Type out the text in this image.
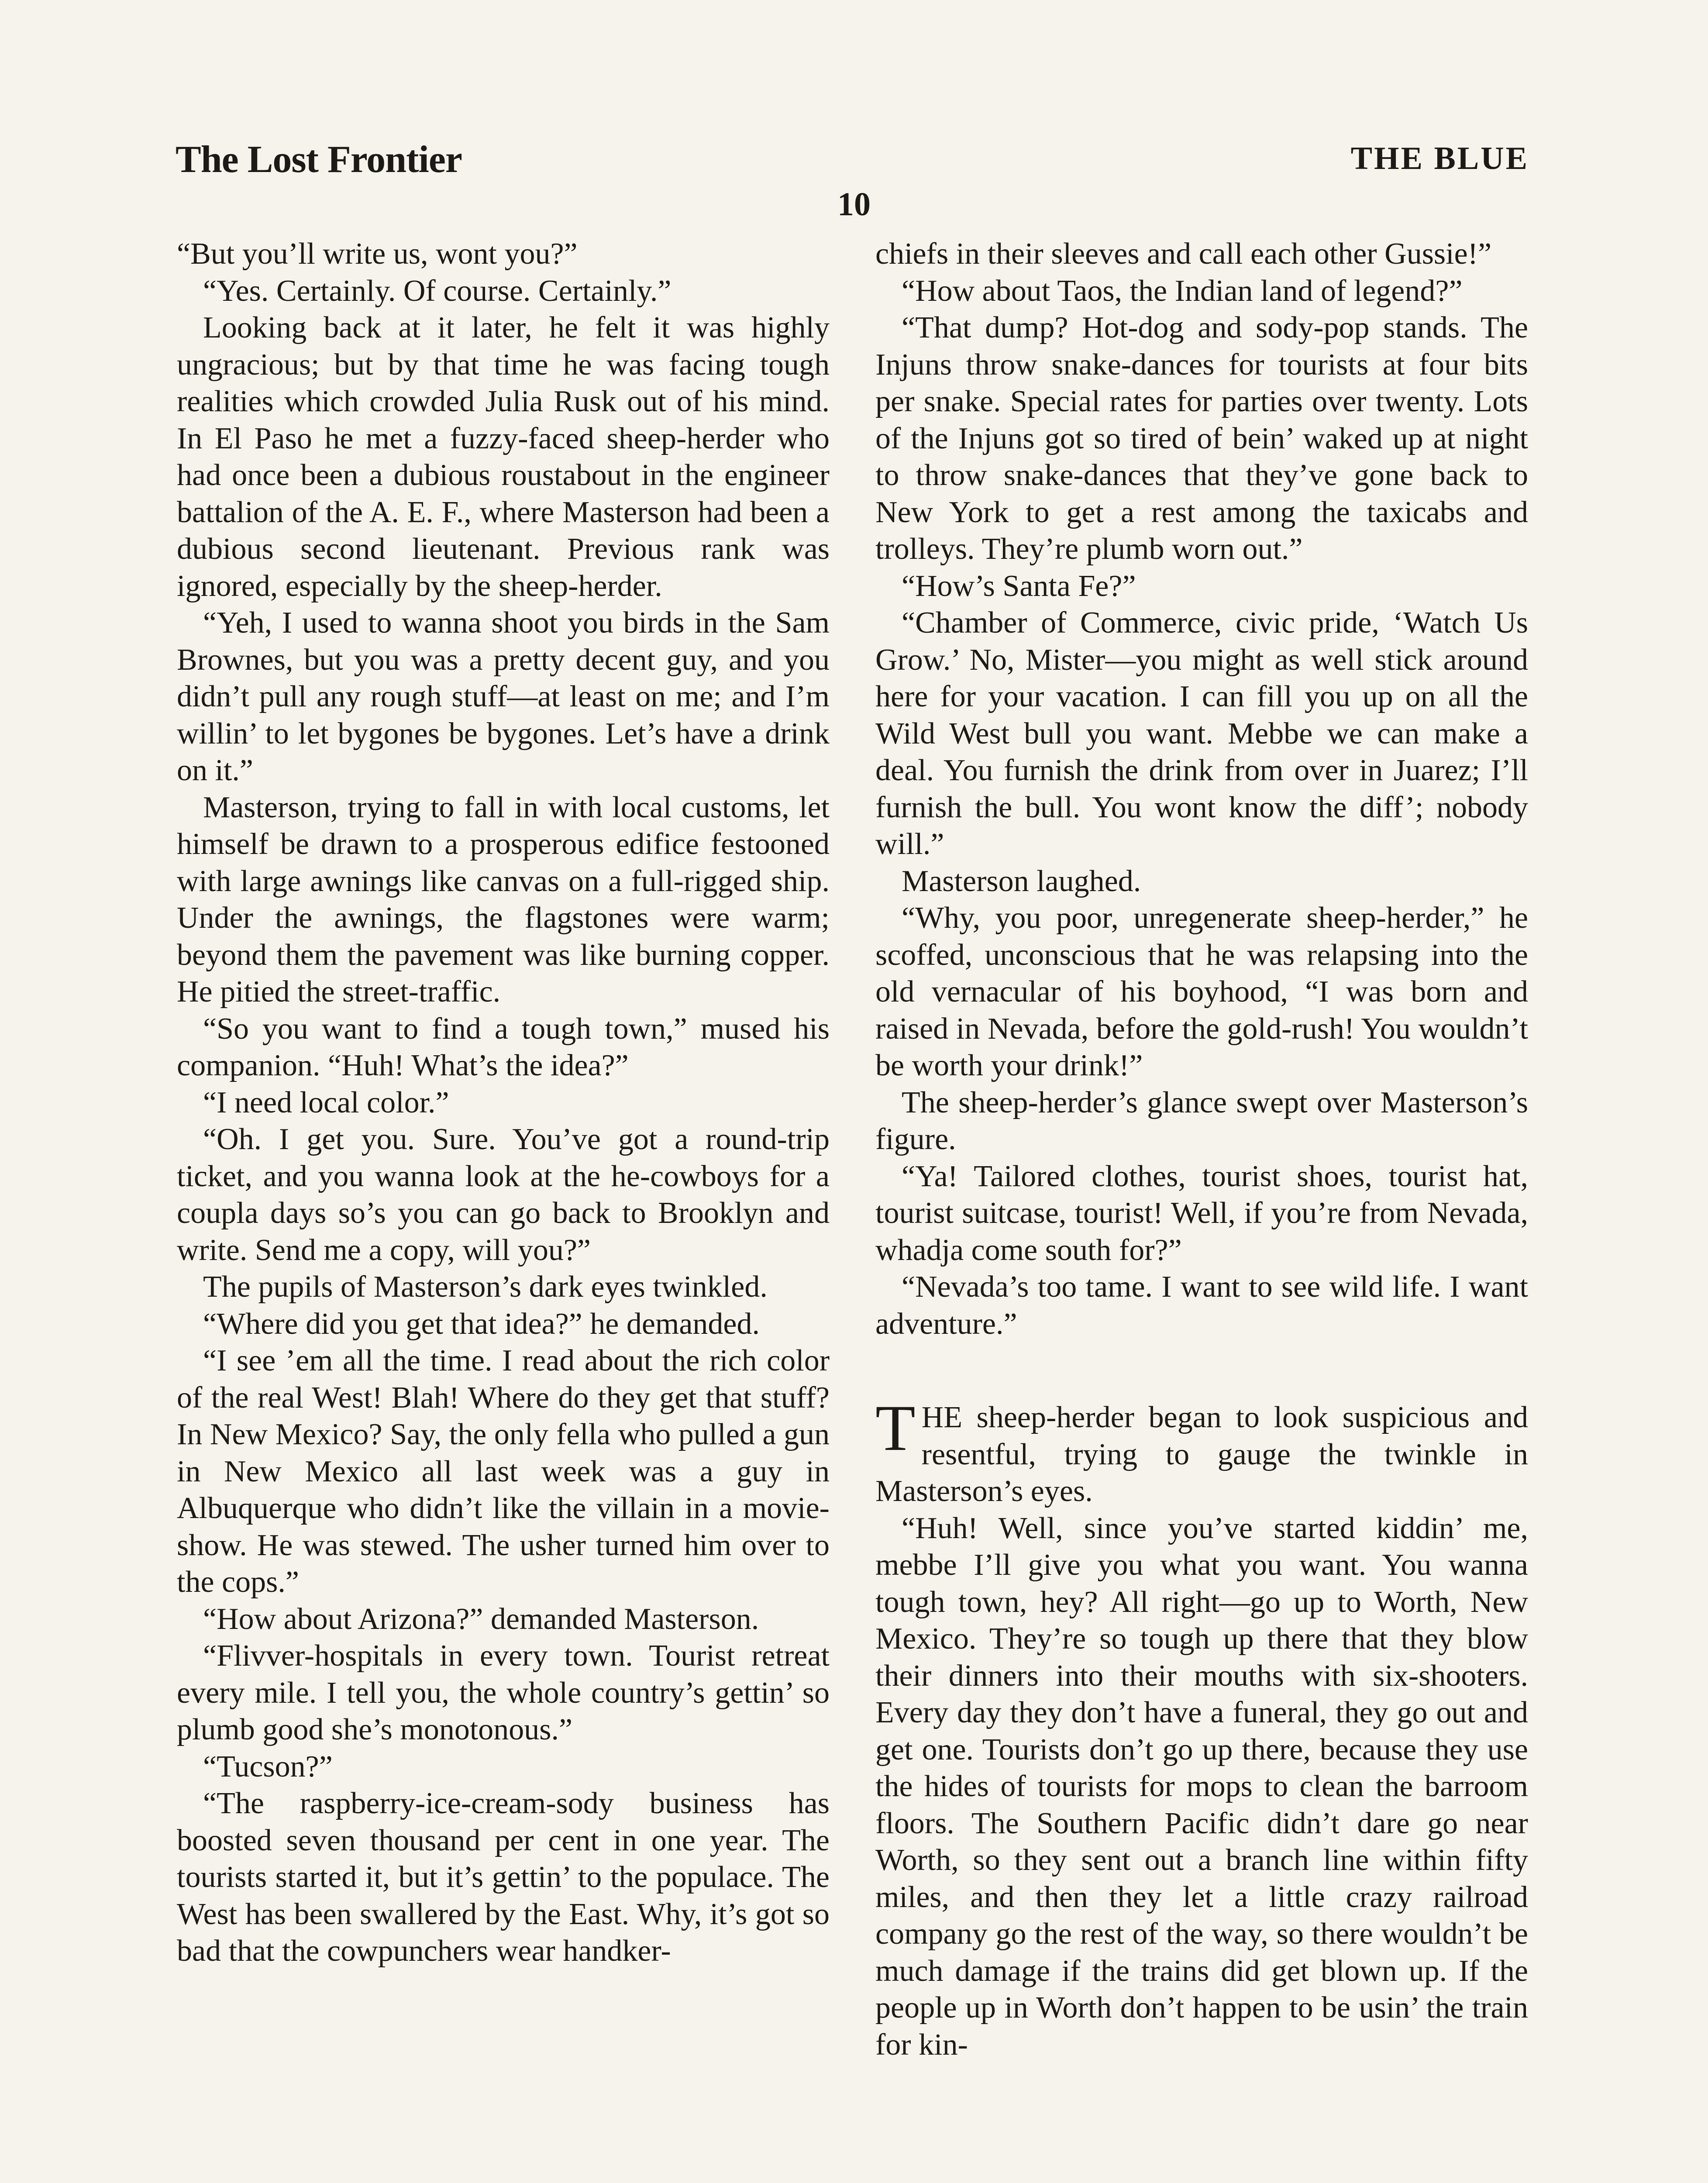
The Lost Frontier	THE BLUE
10

“But you’ll write us, wont you?”

“Yes. Certainly. Of course. Certainly.”

Looking back at it later, he felt it was highly ungracious; but by that time he was facing tough realities which crowded Julia Rusk out of his mind. In El Paso he met a fuzzy-faced sheep-herder who had once been a dubious roustabout in the engineer battalion of the A. E. F., where Masterson had been a dubious second lieutenant. Previous rank was ignored, especially by the sheep-herder.

“Yeh, I used to wanna shoot you birds in the Sam Brownes, but you was a pretty decent guy, and you didn’t pull any rough stuff—at least on me; and I’m willin’ to let bygones be bygones. Let’s have a drink on it.”

Masterson, trying to fall in with local customs, let himself be drawn to a prosperous edifice festooned with large awnings like canvas on a full-rigged ship. Under the awnings, the flagstones were warm; beyond them the pavement was like burning copper. He pitied the street-traffic.

“So you want to find a tough town,” mused his companion. “Huh! What’s the idea?”

“I need local color.”

“Oh. I get you. Sure. You’ve got a round-trip ticket, and you wanna look at the he-cowboys for a coupla days so’s you can go back to Brooklyn and write. Send me a copy, will you?”

The pupils of Masterson’s dark eyes twinkled.

“Where did you get that idea?” he demanded.

“I see ’em all the time. I read about the rich color of the real West! Blah! Where do they get that stuff? In New Mexico? Say, the only fella who pulled a gun in New Mexico all last week was a guy in Albuquerque who didn’t like the villain in a movie-show. He was stewed. The usher turned him over to the cops.”

“How about Arizona?” demanded Masterson.

“Flivver-hospitals in every town. Tourist retreat every mile. I tell you, the whole country’s gettin’ so plumb good she’s monotonous.”

“Tucson?”

“The raspberry-ice-cream-sody business has boosted seven thousand per cent in one year. The tourists started it, but it’s gettin’ to the populace. The West has been swallered by the East. Why, it’s got so bad that the cowpunchers wear handker-

chiefs in their sleeves and call each other Gussie!”

“How about Taos, the Indian land of legend?”

“That dump? Hot-dog and sody-pop stands. The Injuns throw snake-dances for tourists at four bits per snake. Special rates for parties over twenty. Lots of the Injuns got so tired of bein’ waked up at night to throw snake-dances that they’ve gone back to New York to get a rest among the taxicabs and trolleys. They’re plumb worn out.”

“How’s Santa Fe?”

“Chamber of Commerce, civic pride, ‘Watch Us Grow.’ No, Mister—you might as well stick around here for your vacation. I can fill you up on all the Wild West bull you want. Mebbe we can make a deal. You furnish the drink from over in Juarez; I’ll furnish the bull. You wont know the diff’; nobody will.”

Masterson laughed.

“Why, you poor, unregenerate sheep-herder,” he scoffed, unconscious that he was relapsing into the old vernacular of his boyhood, “I was born and raised in Nevada, before the gold-rush! You wouldn’t be worth your drink!”

The sheep-herder’s glance swept over Masterson’s figure.

“Ya! Tailored clothes, tourist shoes, tourist hat, tourist suitcase, tourist! Well, if you’re from Nevada, whadja come south for?”

“Nevada’s too tame. I want to see wild life. I want adventure.”

THE sheep-herder began to look suspicious and resentful, trying to gauge the twinkle in Masterson’s eyes.

“Huh! Well, since you’ve started kiddin’ me, mebbe I’ll give you what you want. You wanna tough town, hey? All right—go up to Worth, New Mexico. They’re so tough up there that they blow their dinners into their mouths with six-shooters. Every day they don’t have a funeral, they go out and get one. Tourists don’t go up there, because they use the hides of tourists for mops to clean the barroom floors. The Southern Pacific didn’t dare go near Worth, so they sent out a branch line within fifty miles, and then they let a little crazy railroad company go the rest of the way, so there wouldn’t be much damage if the trains did get blown up. If the people up in Worth don’t happen to be usin’ the train for kin-
